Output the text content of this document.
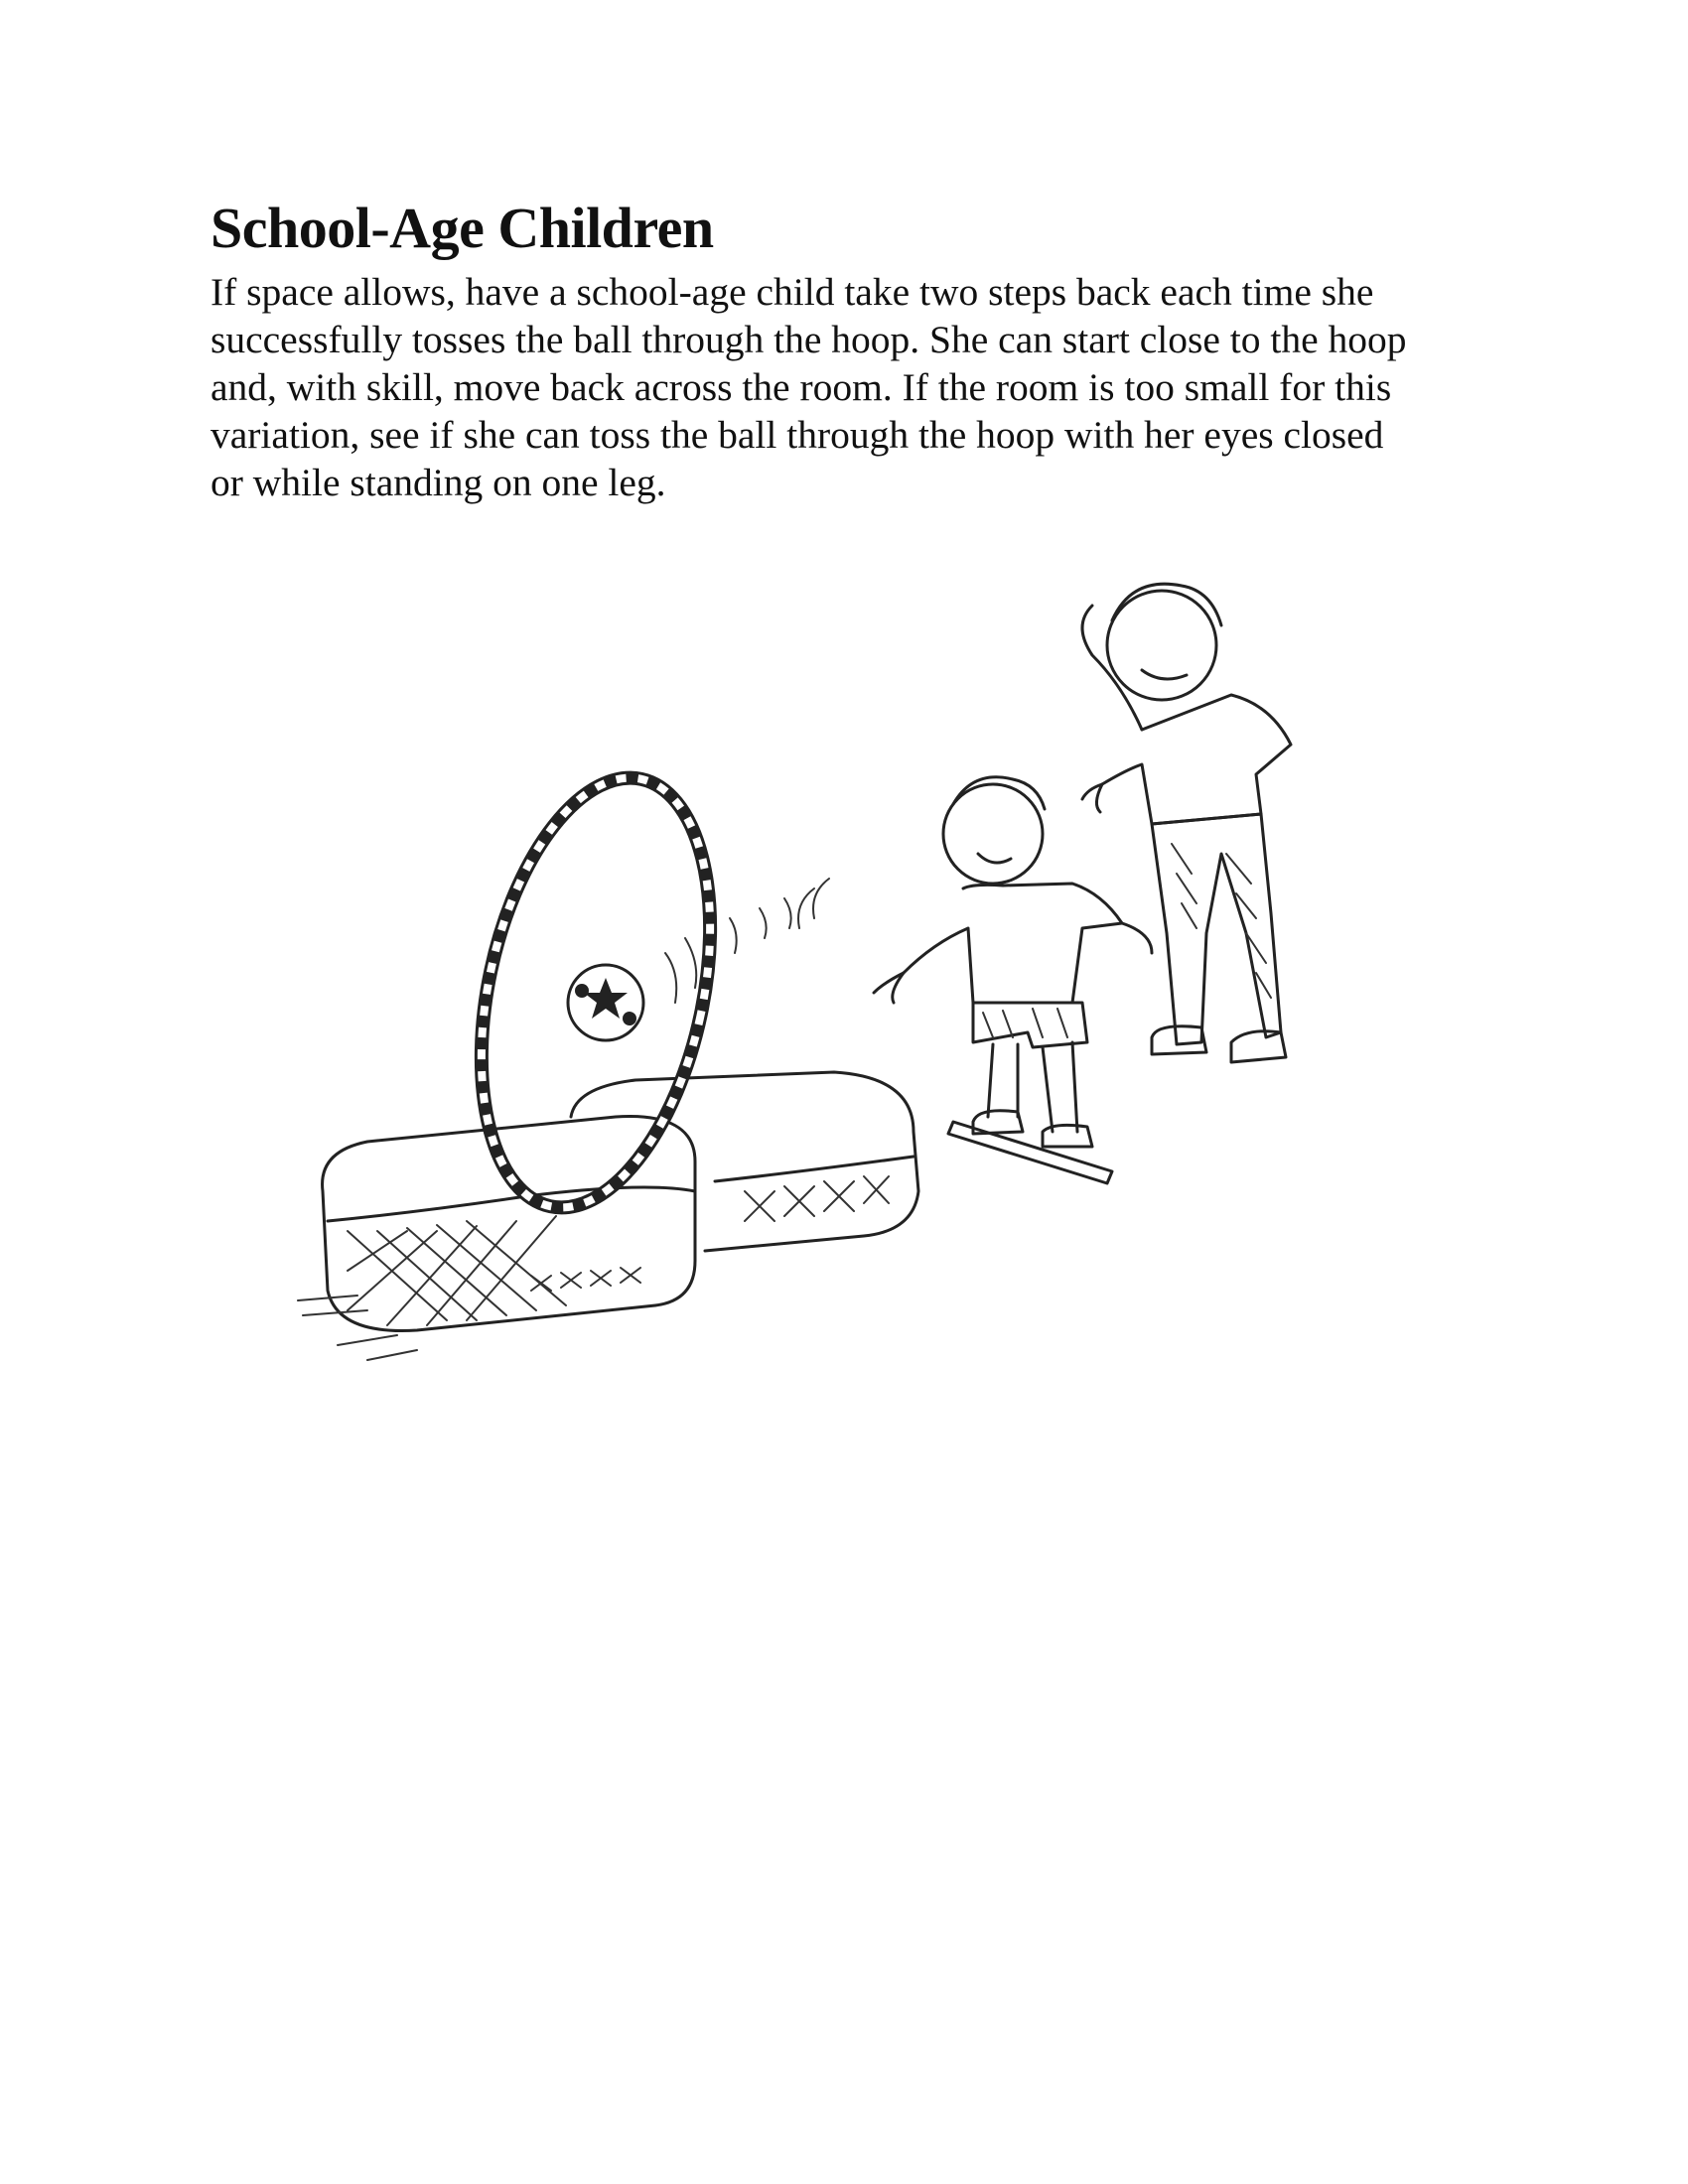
School-Age Children

If space allows, have a school-age child take two steps back each time she
successfully tosses the ball through the hoop. She can start close to the hoop
and, with skill, move back across the room. If the room is too small for this
variation, see if she can toss the ball through the hoop with her eyes closed
or while standing on one leg.
